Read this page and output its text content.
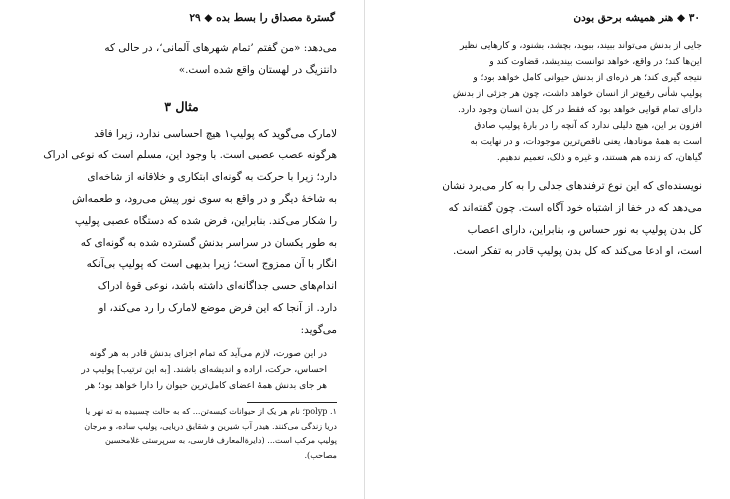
گسترة مصداق را بسط بده ◆ ۲۹

می‌دهد: «من گفتم ’تمام شهرهای آلمانی‘، در حالی که

دانتزیگ در لهستان واقع شده است.»

مثال ۳

لامارک می‌گوید که پولیپ۱ هیچ احساسی ندارد، زیرا فاقد

هرگونه عصب عصبی است. با وجود این، مسلم است که نوعی ادراک

دارد؛ زیرا با حرکت به گونه‌ای ابتکاری و خلاقانه از شاخه‌ای

به شاخهٔ دیگر و در واقع به سوی نور پیش می‌رود، و طعمه‌اش

را شکار می‌کند. بنابراین، فرض شده که دستگاه عصبی پولیپ

به طور یکسان در سراسر بدنش گسترده شده به گونه‌ای که

انگار با آن ممزوج است؛ زیرا بدیهی است که پولیپ بی‌آنکه

اندام‌های حسی جداگانه‌ای داشته باشد، نوعی قوهٔ ادراک

دارد. از آنجا که این فرض موضع لامارک را رد می‌کند، او

می‌گوید:

در این صورت، لازم می‌آید که تمام اجزای بدنش قادر به هر گونه

احساس، حرکت، اراده و اندیشه‌ای باشند. [به این ترتیب] پولیپ در

هر جای بدنش همهٔ اعضای کامل‌ترین حیوان را دارا خواهد بود؛ هر

۱. polyp؛ نام هر یک از حیوانات کیسه‌تن... که به حالت چسبیده به ته نهر یا

دریا زندگی می‌کنند. هیدر آب شیرین و شقایق دریایی، پولیپ ساده، و مرجان

پولیپ مرکب است... (دایرة‌المعارف فارسی، به سرپرستی غلامحسین

مصاحب).

۳۰ ◆ هنر همیشه برحق بودن

جایی از بدنش می‌تواند ببیند، ببوید، بچشد، بشنود، و کارهایی نظیر

این‌ها کند؛ در واقع، خواهد توانست بیندیشد، قضاوت کند و

نتیجه گیری کند؛ هر ذره‌ای از بدنش حیوانی کامل خواهد بود؛ و

پولیپ شأنی رفیع‌تر از انسان خواهد داشت، چون هر جزئی از بدنش

دارای تمام قوایی خواهد بود که فقط در کل بدن انسان وجود دارد.

افزون بر این، هیچ دلیلی ندارد که آنچه را در بارهٔ پولیپ صادق

است به همهٔ مونادها، یعنی ناقص‌ترین موجودات، و در نهایت به

گیاهان، که زنده هم هستند، و غیره و ذلک، تعمیم ندهیم.

نویسنده‌ای که این نوع ترفندهای جدلی را به کار می‌برد نشان

می‌دهد که در خفا از اشتباه خود آگاه است. چون گفته‌اند که

کل بدن پولیپ به نور حساس و، بنابراین، دارای اعصاب

است، او ادعا می‌کند که کل بدن پولیپ قادر به تفکر است.
